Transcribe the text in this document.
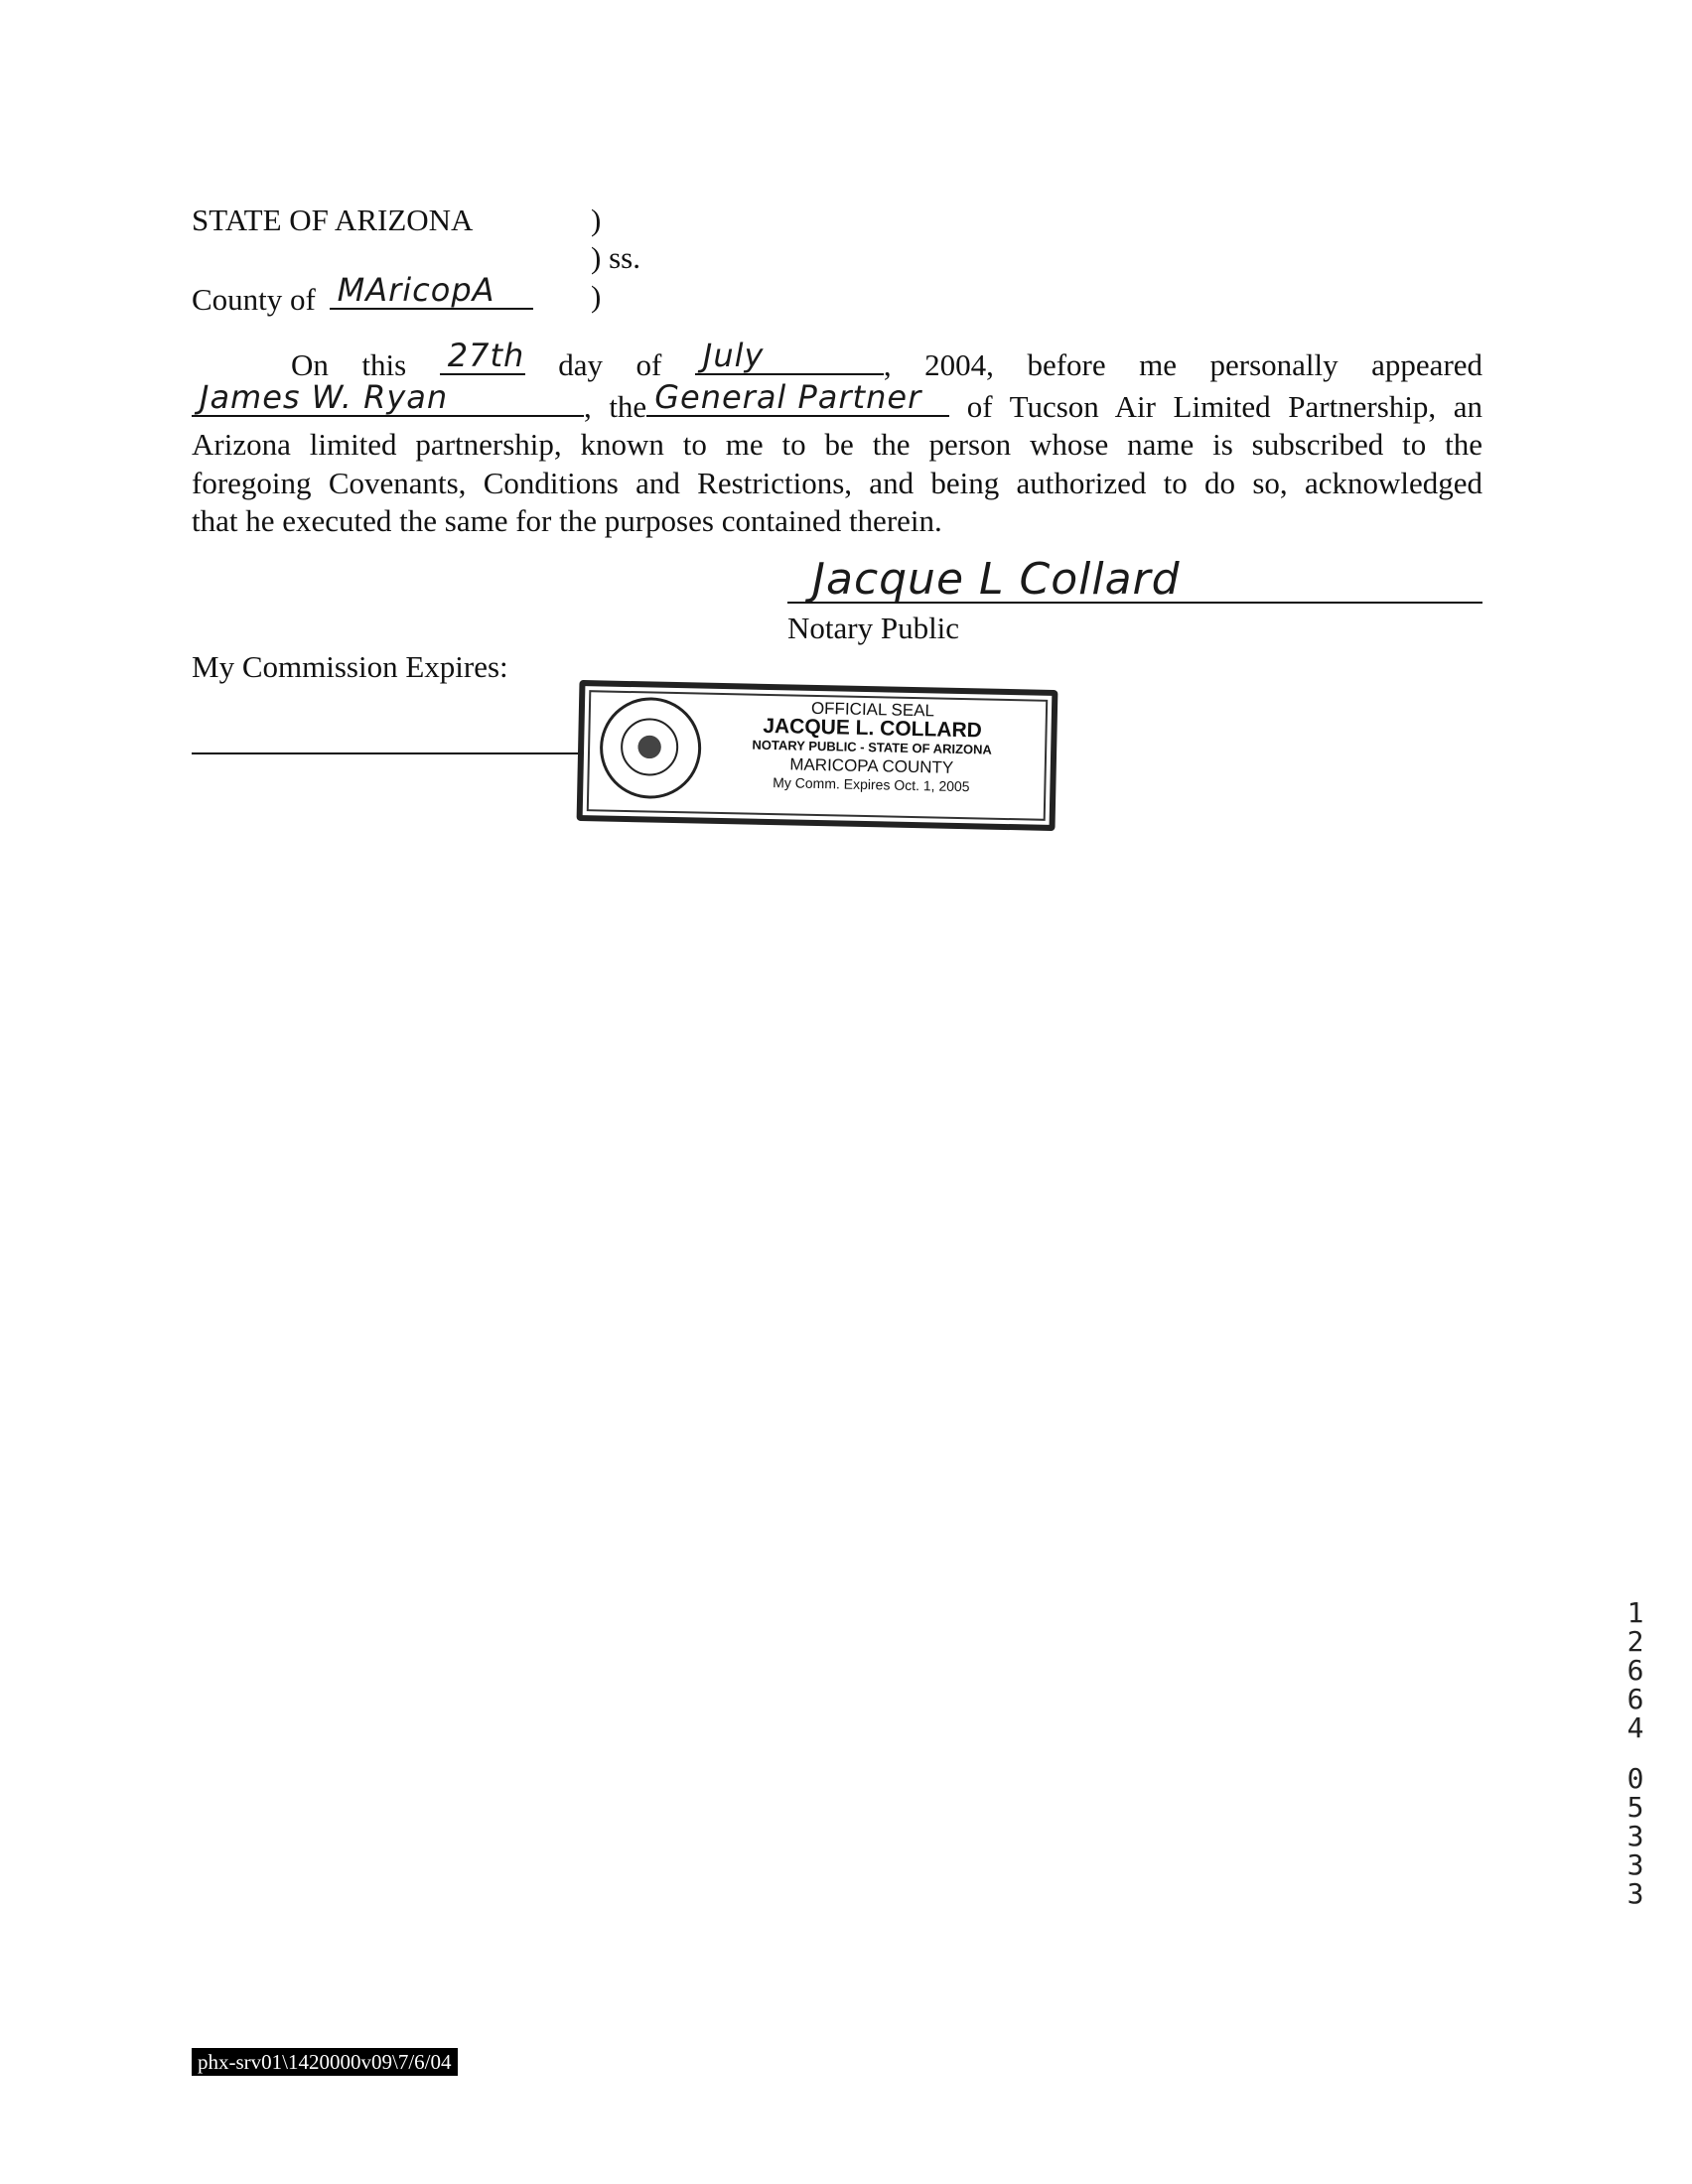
STATE OF ARIZONA	)
) ss.
)
County of MAricopA
On this 27th day of July	, 2004, before me personally appeared
James W. Ryan	, the General Partner of Tucson Air Limited Partnership, an
Arizona limited partnership, known to me to be the person whose name is subscribed to the
foregoing Covenants, Conditions and Restrictions, and being authorized to do so, acknowledged
that he executed the same for the purposes contained therein.
Jacque L Collard
Notary Public
My Commission Expires:
OFFICIAL SEAL
JACQUE L. COLLARD
NOTARY PUBLIC - STATE OF ARIZONA
MARICOPA COUNTY
My Comm. Expires Oct. 1, 2005
1
2
6
6
4
0
5
3
3
3
phx-srv01\1420000v09\7/6/04
